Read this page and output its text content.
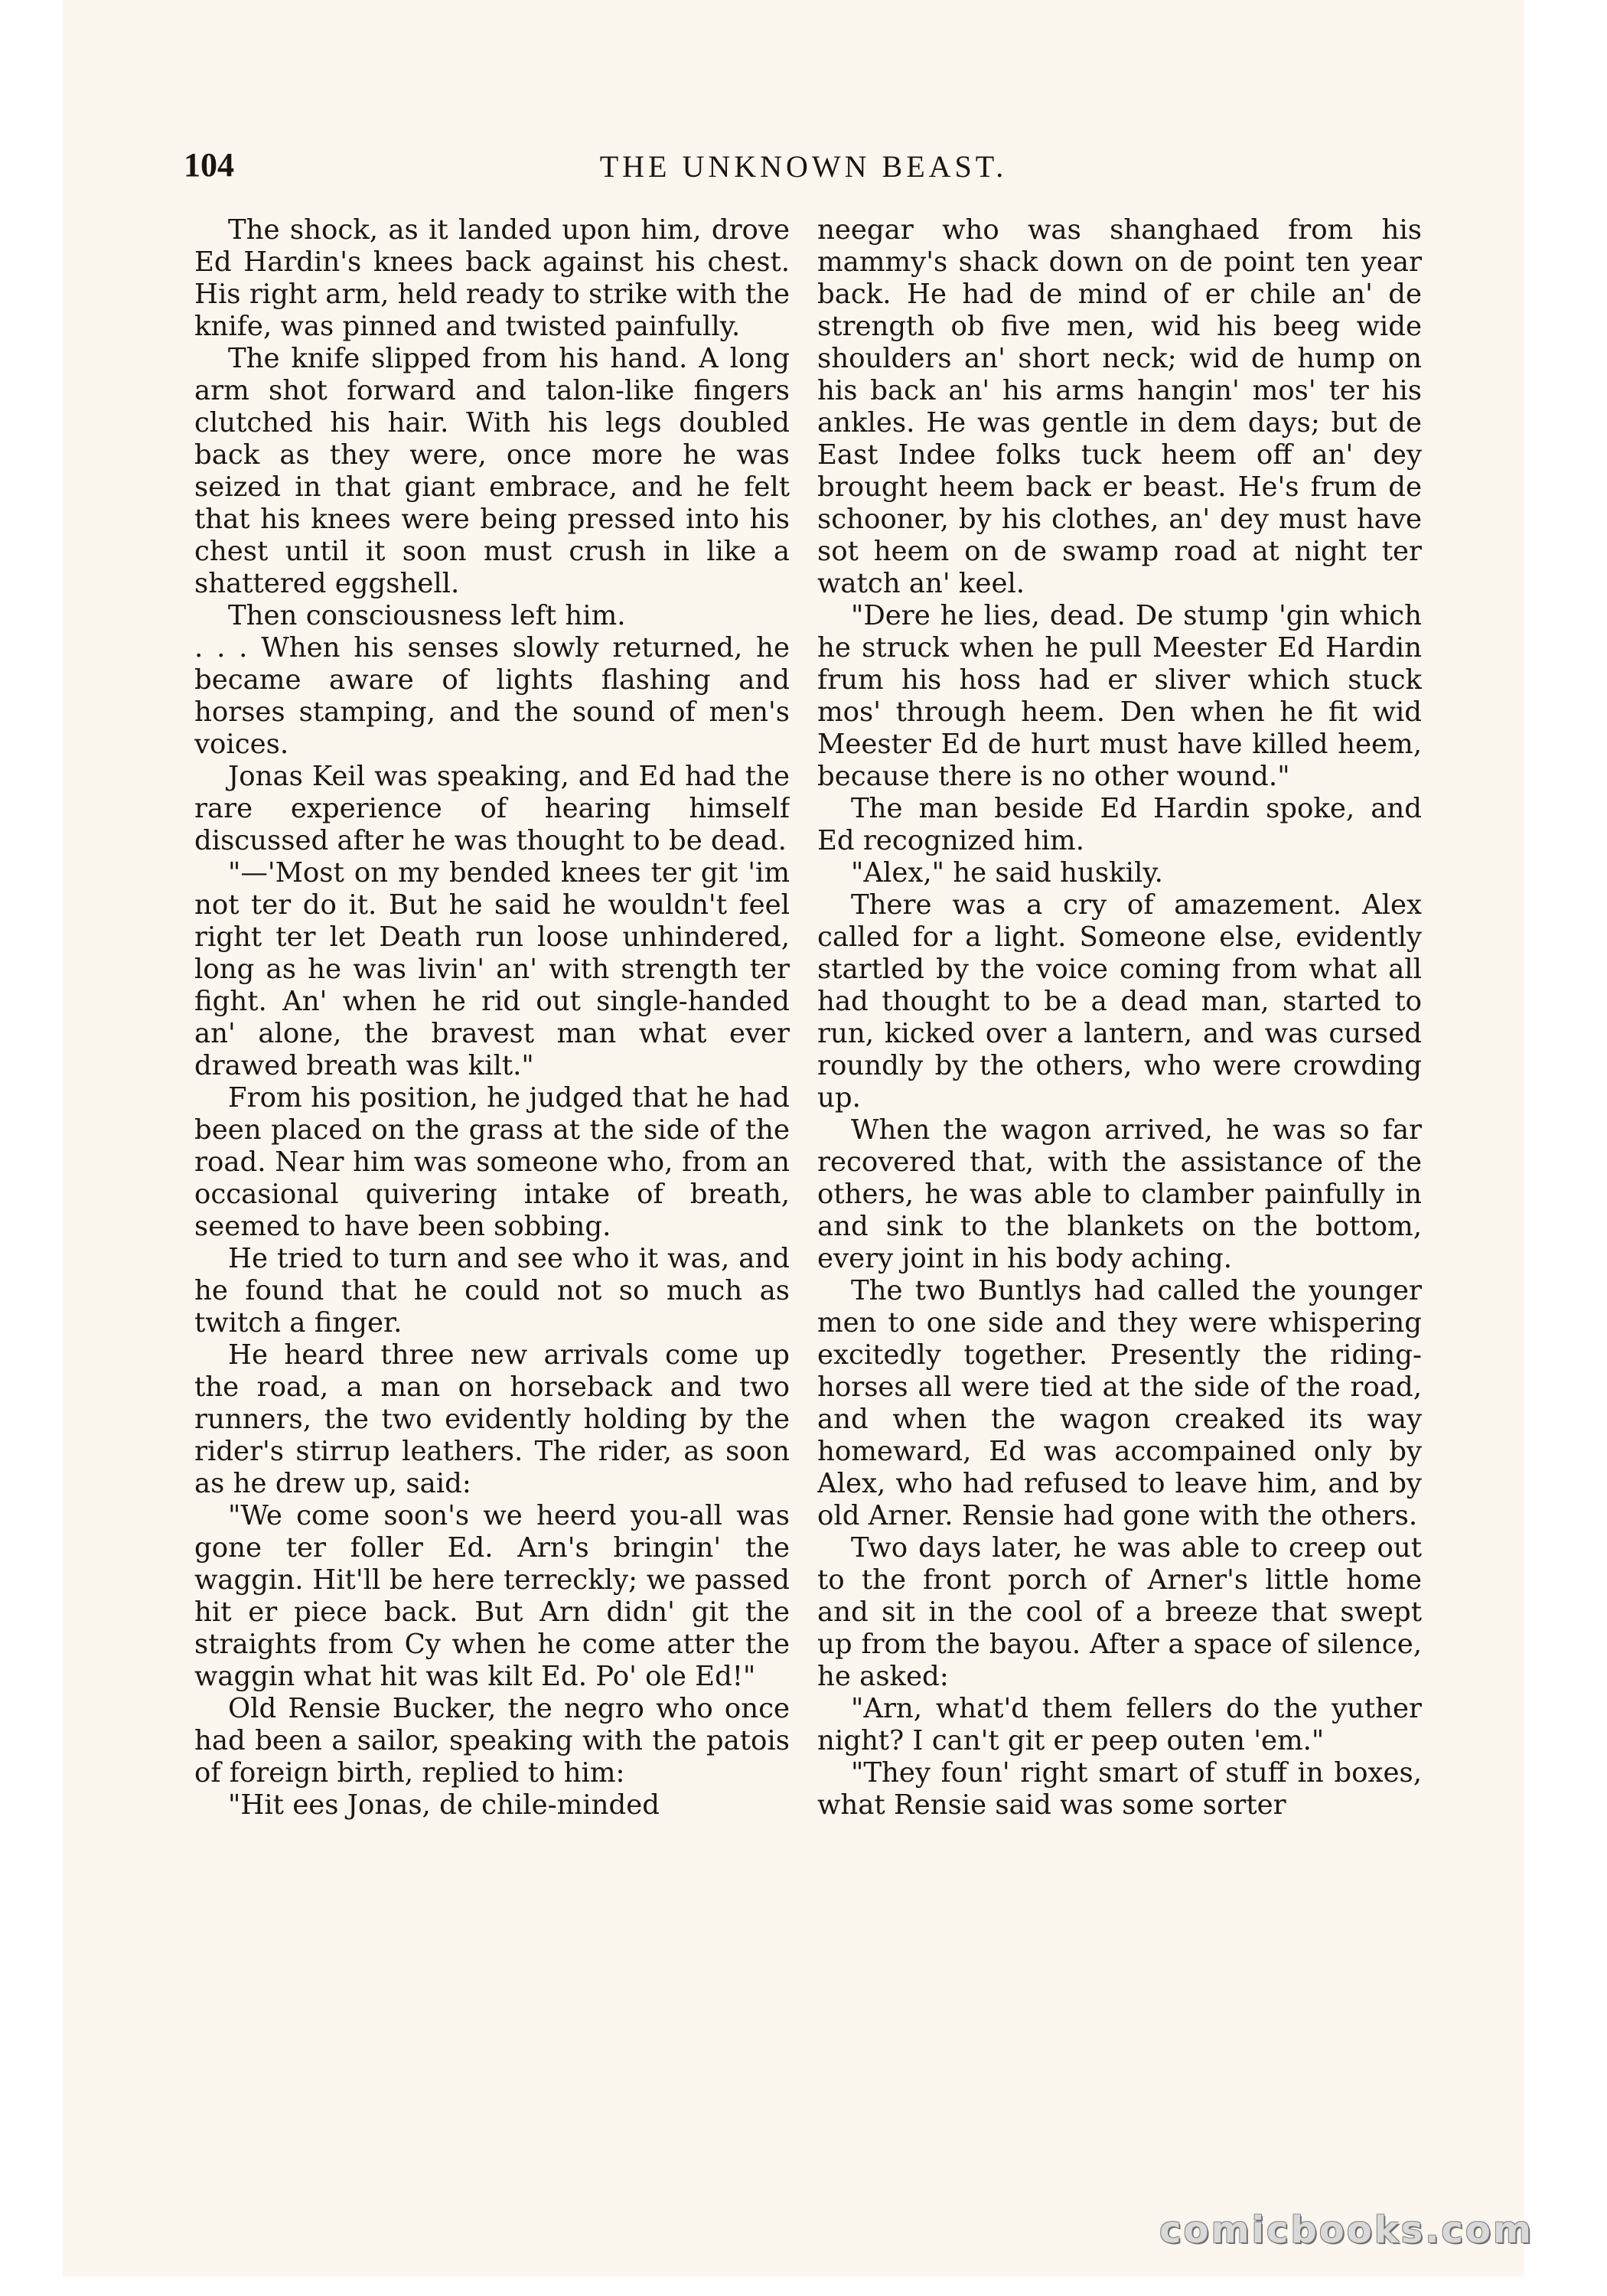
104	THE UNKNOWN BEAST.

The shock, as it landed upon him, drove Ed Hardin's knees back against his chest. His right arm, held ready to strike with the knife, was pinned and twisted painfully.

The knife slipped from his hand. A long arm shot forward and talon-like fingers clutched his hair. With his legs doubled back as they were, once more he was seized in that giant embrace, and he felt that his knees were being pressed into his chest until it soon must crush in like a shattered eggshell.

Then consciousness left him.

. . . When his senses slowly returned, he became aware of lights flashing and horses stamping, and the sound of men's voices.

Jonas Keil was speaking, and Ed had the rare experience of hearing himself discussed after he was thought to be dead.

"—'Most on my bended knees ter git 'im not ter do it. But he said he wouldn't feel right ter let Death run loose unhindered, long as he was livin' an' with strength ter fight. An' when he rid out single-handed an' alone, the bravest man what ever drawed breath was kilt."

From his position, he judged that he had been placed on the grass at the side of the road. Near him was someone who, from an occasional quivering intake of breath, seemed to have been sobbing.

He tried to turn and see who it was, and he found that he could not so much as twitch a finger.

He heard three new arrivals come up the road, a man on horseback and two runners, the two evidently holding by the rider's stirrup leathers. The rider, as soon as he drew up, said:

"We come soon's we heerd you-all was gone ter foller Ed. Arn's bringin' the waggin. Hit'll be here terreckly; we passed hit er piece back. But Arn didn' git the straights from Cy when he come atter the waggin what hit was kilt Ed. Po' ole Ed!"

Old Rensie Bucker, the negro who once had been a sailor, speaking with the patois of foreign birth, replied to him:

"Hit ees Jonas, de chile-minded

neegar who was shanghaed from his mammy's shack down on de point ten year back. He had de mind of er chile an' de strength ob five men, wid his beeg wide shoulders an' short neck; wid de hump on his back an' his arms hangin' mos' ter his ankles. He was gentle in dem days; but de East Indee folks tuck heem off an' dey brought heem back er beast. He's frum de schooner, by his clothes, an' dey must have sot heem on de swamp road at night ter watch an' keel.

"Dere he lies, dead. De stump 'gin which he struck when he pull Meester Ed Hardin frum his hoss had er sliver which stuck mos' through heem. Den when he fit wid Meester Ed de hurt must have killed heem, because there is no other wound."

The man beside Ed Hardin spoke, and Ed recognized him.

"Alex," he said huskily.

There was a cry of amazement. Alex called for a light. Someone else, evidently startled by the voice coming from what all had thought to be a dead man, started to run, kicked over a lantern, and was cursed roundly by the others, who were crowding up.

When the wagon arrived, he was so far recovered that, with the assistance of the others, he was able to clamber painfully in and sink to the blankets on the bottom, every joint in his body aching.

The two Buntlys had called the younger men to one side and they were whispering excitedly together. Presently the riding-horses all were tied at the side of the road, and when the wagon creaked its way homeward, Ed was accompained only by Alex, who had refused to leave him, and by old Arner. Rensie had gone with the others.

Two days later, he was able to creep out to the front porch of Arner's little home and sit in the cool of a breeze that swept up from the bayou. After a space of silence, he asked:

"Arn, what'd them fellers do the yuther night? I can't git er peep outen 'em."

"They foun' right smart of stuff in boxes, what Rensie said was some sorter

comicbooks.com
